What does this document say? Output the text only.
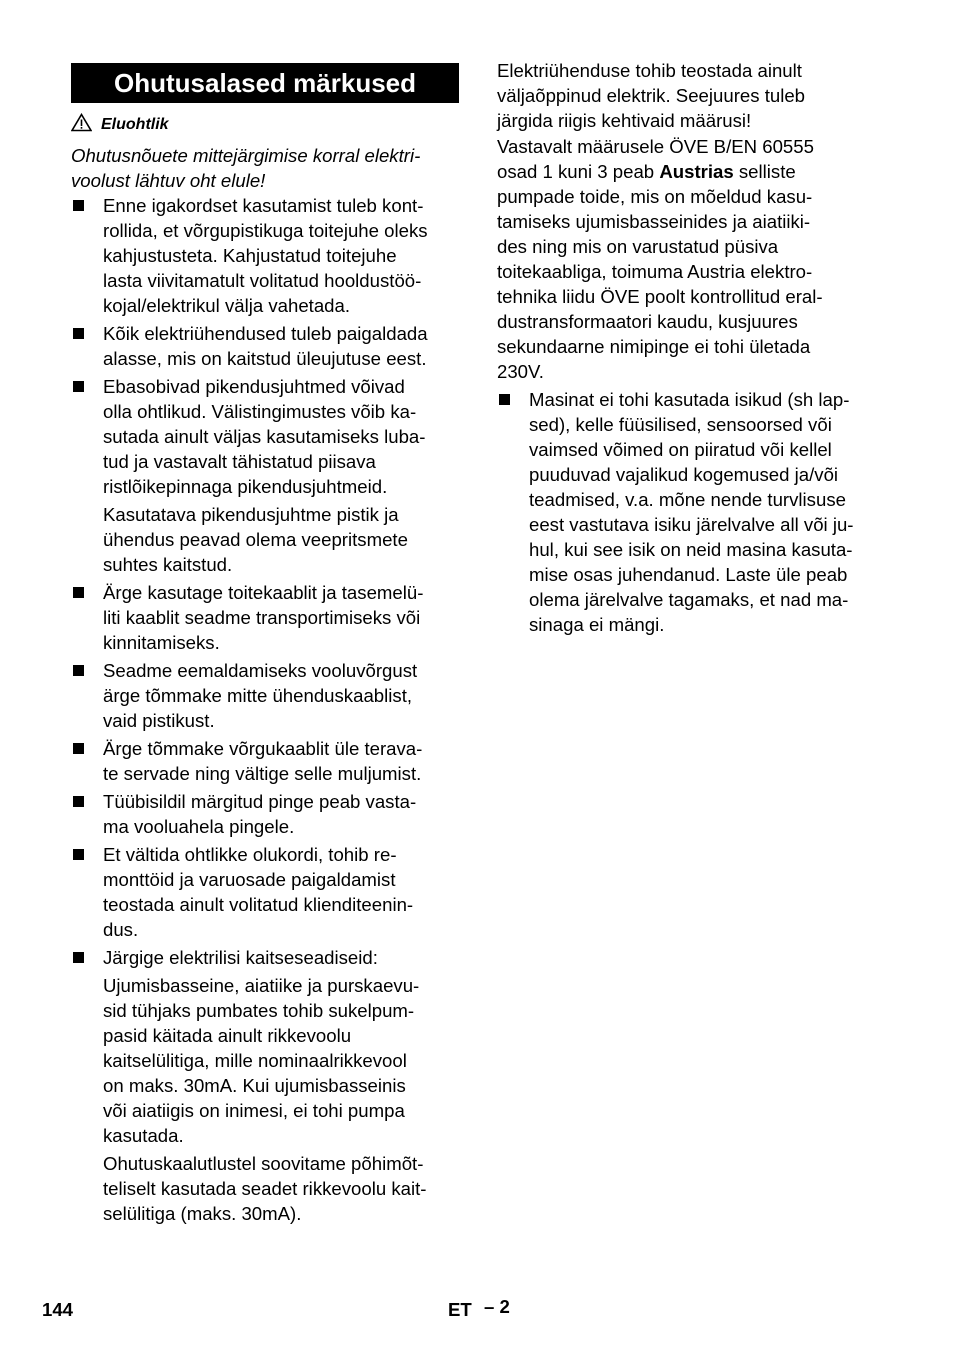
Ohutusalased märkused
Eluohtlik
Ohutusnõuete mittejärgimise korral elektri-
voolust lähtuv oht elule!

Enne igakordset kasutamist tuleb kont-
rollida, et võrgupistikuga toitejuhe oleks
kahjustusteta. Kahjustatud toitejuhe
lasta viivitamatult volitatud hooldustöö-
kojal/elektrikul välja vahetada.

Kõik elektriühendused tuleb paigaldada
alasse, mis on kaitstud üleujutuse eest.

Ebasobivad pikendusjuhtmed võivad
olla ohtlikud. Välistingimustes võib ka-
sutada ainult väljas kasutamiseks luba-
tud ja vastavalt tähistatud piisava
ristlõikepinnaga pikendusjuhtmeid.

Kasutatava pikendusjuhtme pistik ja
ühendus peavad olema veepritsmete
suhtes kaitstud.

Ärge kasutage toitekaablit ja tasemelü-
liti kaablit seadme transportimiseks või
kinnitamiseks.

Seadme eemaldamiseks vooluvõrgust
ärge tõmmake mitte ühenduskaablist,
vaid pistikust.

Ärge tõmmake võrgukaablit üle terava-
te servade ning vältige selle muljumist.

Tüübisildil märgitud pinge peab vasta-
ma vooluahela pingele.

Et vältida ohtlikke olukordi, tohib re-
monttöid ja varuosade paigaldamist
teostada ainult volitatud klienditeenin-
dus.

Järgige elektrilisi kaitseseadiseid:

Ujumisbasseine, aiatiike ja purskaevu-
sid tühjaks pumbates tohib sukelpum-
pasid käitada ainult rikkevoolu
kaitselülitiga, mille nominaalrikkevool
on maks. 30mA. Kui ujumisbasseinis
või aiatiigis on inimesi, ei tohi pumpa
kasutada.

Ohutuskaalutlustel soovitame põhimõt-
teliselt kasutada seadet rikkevoolu kait-
selülitiga (maks. 30mA).

Elektriühenduse tohib teostada ainult
väljaõppinud elektrik. Seejuures tuleb
järgida riigis kehtivaid määrusi!

Vastavalt määrusele ÖVE B/EN 60555
osad 1 kuni 3 peab Austrias selliste
pumpade toide, mis on mõeldud kasu-
tamiseks ujumisbasseinides ja aiatiiki-
des ning mis on varustatud püsiva
toitekaabliga, toimuma Austria elektro-
tehnika liidu ÖVE poolt kontrollitud eral-
dustransformaatori kaudu, kusjuures
sekundaarne nimipinge ei tohi ületada
230V.

Masinat ei tohi kasutada isikud (sh lap-
sed), kelle füüsilised, sensoorsed või
vaimsed võimed on piiratud või kellel
puuduvad vajalikud kogemused ja/või
teadmised, v.a. mõne nende turvlisuse
eest vastutava isiku järelvalve all või ju-
hul, kui see isik on neid masina kasuta-
mise osas juhendanud. Laste üle peab
olema järelvalve tagamaks, et nad ma-
sinaga ei mängi.

144	ET – 2
